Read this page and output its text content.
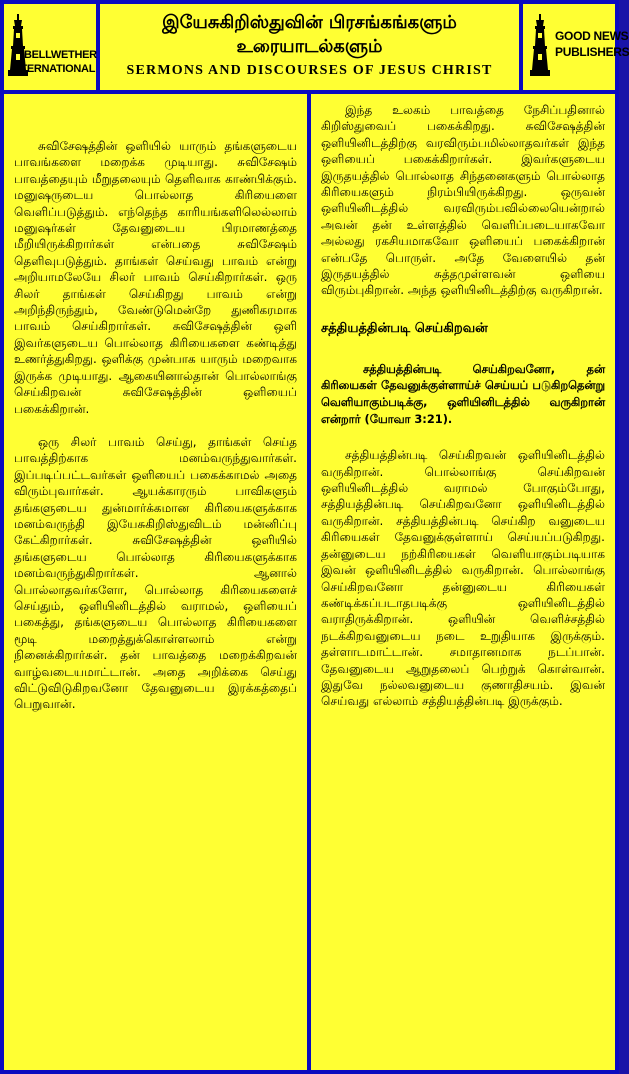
BELLWETHER
INTERNATIONAL
இயேசுகிறிஸ்துவின் பிரசங்கங்களும்
உரையாடல்களும்
SERMONS AND DISCOURSES OF JESUS CHRIST
GOOD NEWS
PUBLISHERS

சுவிசேஷத்தின் ஒளியில் யாரும் தங்களுடைய பாவங்களை மறைக்க முடியாது. சுவிசேஷம் பாவத்தையும் மீறுதலையும் தெளிவாக காண்பிக்கும். மனுஷருடைய பொல்லாத கிரியைளை வெளிப்படுத்தும். எந்தெந்த காரியங்களிலெல்லாம் மனுஷர்கள் தேவனுடைய பிரமாணத்தை மீறியிருக்கிறார்கள் என்பதை சுவிசேஷம் தெளிவுபடுத்தும். தாங்கள் செய்வது பாவம் என்று அறியாமலேயே சிலர் பாவம் செய்கிறார்கள். ஒரு சிலர் தாங்கள் செய்கிறது பாவம் என்று அறிந்திருந்தும், வேண்டுமென்றே துணிகரமாக பாவம் செய்கிறார்கள். சுவிசேஷத்தின் ஒளி இவர்களுடைய பொல்லாத கிரியைகளை கண்டித்து உணர்த்துகிறது. ஒளிக்கு முன்பாக யாரும் மறைவாக இருக்க முடியாது. ஆகையினால்தான் பொல்லாங்கு செய்கிறவன் சுவிசேஷத்தின் ஒளியைப் பகைக்கிறான்.

ஒரு சிலர் பாவம் செய்து, தாங்கள் செய்த பாவத்திற்காக மனம்வருந்துவார்கள். இப்படிப்பட்டவர்கள் ஒளியைப் பகைக்காமல் அதை விரும்புவார்கள். ஆயக்காரரும் பாவிகளும் தங்களுடைய துன்மார்க்கமான கிரியைகளுக்காக மனம்வருந்தி இயேசுகிறிஸ்துவிடம் மன்னிப்பு கேட்கிறார்கள். சுவிசேஷத்தின் ஒளியில் தங்களுடைய பொல்லாத கிரியைகளுக்காக மனம்வருந்துகிறார்கள். ஆனால் பொல்லாதவர்களோ, பொல்லாத கிரியைகளைச் செய்தும், ஒளியினிடத்தில் வராமல், ஒளியைப் பகைத்து, தங்களுடைய பொல்லாத கிரியைகளை மூடி மறைத்துக்கொள்ளலாம் என்று நினைக்கிறார்கள். தன் பாவத்தை மறைக்கிறவன் வாழ்வடையமாட்டான். அதை அறிக்கை செய்து விட்டுவிடுகிறவனோ தேவனுடைய இரக்கத்தைப் பெறுவான்.

இந்த உலகம் பாவத்தை நேசிப்பதினால் கிறிஸ்துவைப் பகைக்கிறது. சுவிசேஷத்தின் ஒளியினிடத்திற்கு வரவிரும்பமில்லாதவர்கள் இந்த ஒளியைப் பகைக்கிறார்கள். இவர்களுடைய இருதயத்தில் பொல்லாத சிந்தனைகளும் பொல்லாத கிரியைகளும் நிரம்பியிருக்கிறது. ஒருவன் ஒளியினிடத்தில் வரவிரும்பவில்லையென்றால் அவன் தன் உள்ளத்தில் வெளிப்படையாகவோ அல்லது ரகசியமாகவோ ஒளியைப் பகைக்கிறான் என்பதே பொருள். அதே வேளையில் தன் இருதயத்தில் சுத்தமுள்ளவன் ஒளியை விரும்புகிறான். அந்த ஒளியினிடத்திற்கு வருகிறான்.

சத்தியத்தின்படி செய்கிறவன்

சத்தியத்தின்படி செய்கிறவனோ, தன் கிரியைகள் தேவனுக்குள்ளாய்ச் செய்யப் படுகிறதென்று வெளியாகும்படிக்கு, ஒளியினிடத்தில் வருகிறான் என்றார் (யோவா 3:21).

சத்தியத்தின்படி செய்கிறவன் ஒளியினிடத்தில் வருகிறான். பொல்லாங்கு செய்கிறவன் ஒளியினிடத்தில் வராமல் போகும்போது, சத்தியத்தின்படி செய்கிறவனோ ஒளியினிடத்தில் வருகிறான். சத்தியத்தின்படி செய்கிற வனுடைய கிரியைகள் தேவனுக்குள்ளாய் செய்யப்படுகிறது. தன்னுடைய நற்கிரியைகள் வெளியாகும்படியாக இவன் ஒளியினிடத்தில் வருகிறான். பொல்லாங்கு செய்கிறவனோ தன்னுடைய கிரியைகள் கண்டிக்கப்படாதபடிக்கு ஒளியினிடத்தில் வராதிருக்கிறான். ஒளியின் வெளிச்சத்தில் நடக்கிறவனுடைய நடை உறுதியாக இருக்கும். தள்ளாடமாட்டான். சமாதானமாக நடப்பான். தேவனுடைய ஆறுதலைப் பெற்றுக் கொள்வான். இதுவே நல்லவனுடைய குணாதிசயம். இவன் செய்வது எல்லாம் சத்தியத்தின்படி இருக்கும்.
